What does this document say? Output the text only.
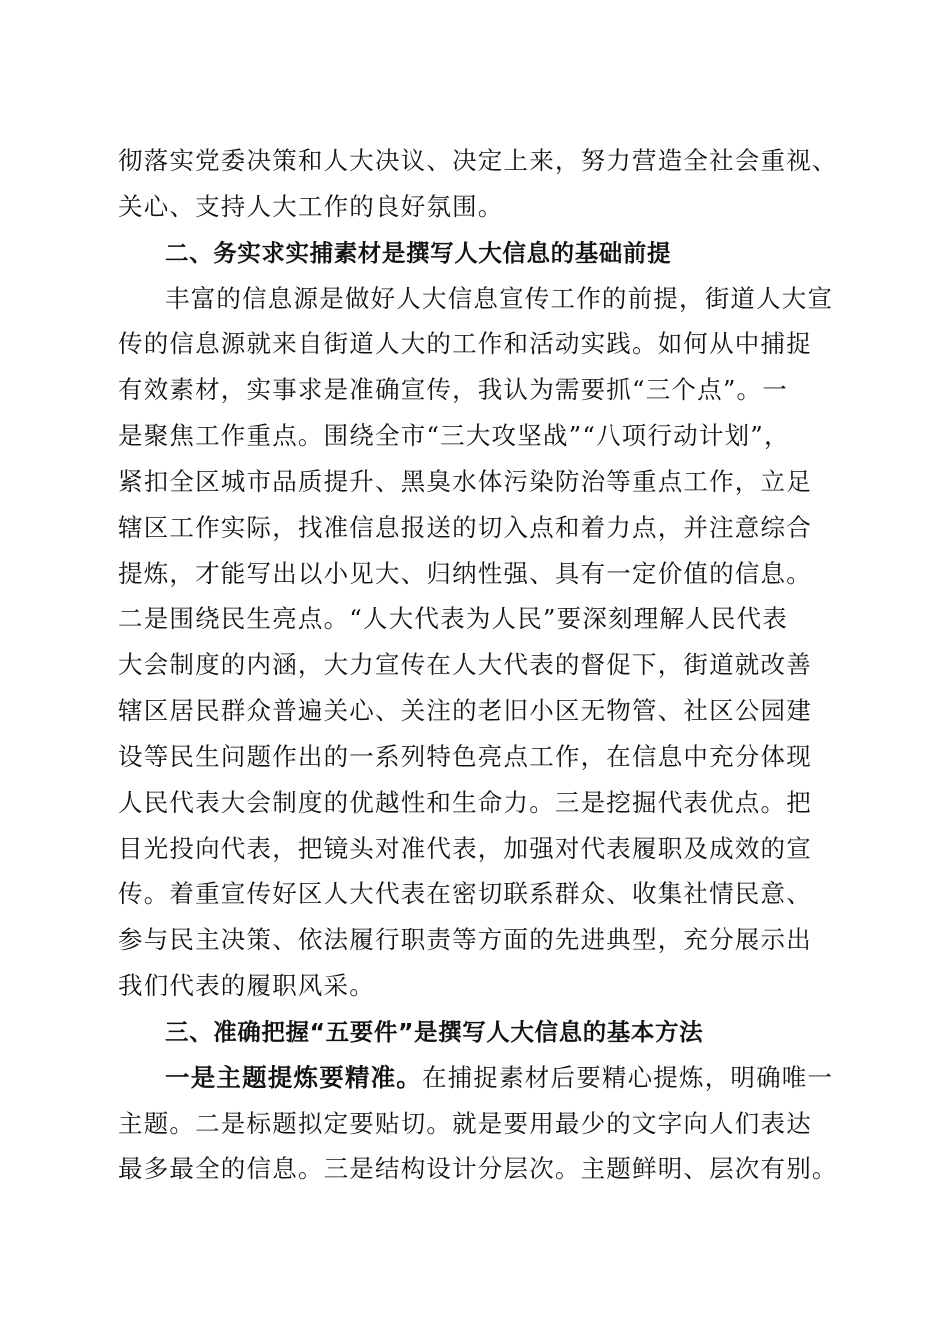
彻落实党委决策和人大决议、决定上来，努力营造全社会重视、
关心、支持人大工作的良好氛围。
二、务实求实捕素材是撰写人大信息的基础前提
丰富的信息源是做好人大信息宣传工作的前提，街道人大宣
传的信息源就来自街道人大的工作和活动实践。如何从中捕捉
有效素材，实事求是准确宣传，我认为需要抓“三个点”。一
是聚焦工作重点。围绕全市“三大攻坚战”“八项行动计划”，
紧扣全区城市品质提升、黑臭水体污染防治等重点工作，立足
辖区工作实际，找准信息报送的切入点和着力点，并注意综合
提炼，才能写出以小见大、归纳性强、具有一定价值的信息。
二是围绕民生亮点。“人大代表为人民”要深刻理解人民代表
大会制度的内涵，大力宣传在人大代表的督促下，街道就改善
辖区居民群众普遍关心、关注的老旧小区无物管、社区公园建
设等民生问题作出的一系列特色亮点工作，在信息中充分体现
人民代表大会制度的优越性和生命力。三是挖掘代表优点。把
目光投向代表，把镜头对准代表，加强对代表履职及成效的宣
传。着重宣传好区人大代表在密切联系群众、收集社情民意、
参与民主决策、依法履行职责等方面的先进典型，充分展示出
我们代表的履职风采。
三、准确把握“五要件”是撰写人大信息的基本方法
一是主题提炼要精准。在捕捉素材后要精心提炼，明确唯一
主题。二是标题拟定要贴切。就是要用最少的文字向人们表达
最多最全的信息。三是结构设计分层次。主题鲜明、层次有别。
